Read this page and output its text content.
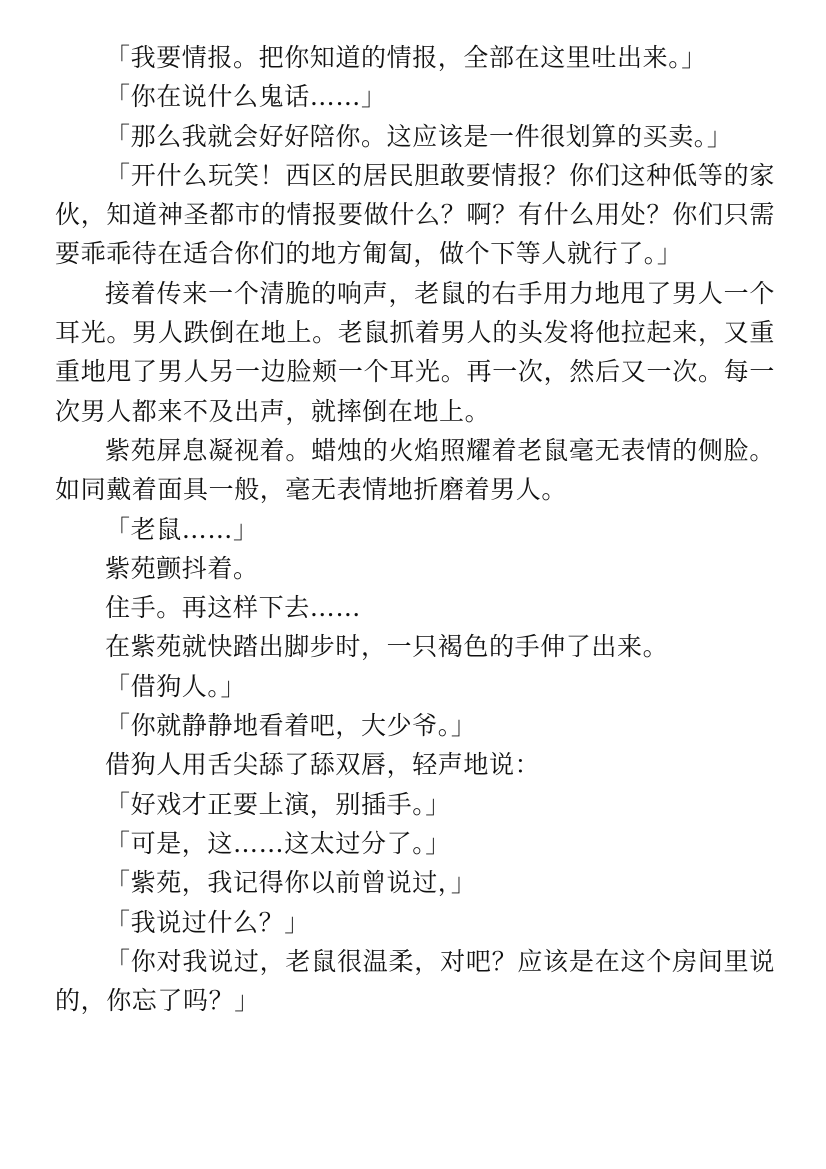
「我要情报。把你知道的情报，全部在这里吐出来。」

「你在说什么鬼话……」

「那么我就会好好陪你。这应该是一件很划算的买卖。」

「开什么玩笑！西区的居民胆敢要情报？你们这种低等的家伙，知道神圣都市的情报要做什么？啊？有什么用处？你们只需要乖乖待在适合你们的地方匍匐，做个下等人就行了。」

接着传来一个清脆的响声，老鼠的右手用力地甩了男人一个耳光。男人跌倒在地上。老鼠抓着男人的头发将他拉起来，又重重地甩了男人另一边脸颊一个耳光。再一次，然后又一次。每一次男人都来不及出声，就摔倒在地上。

紫苑屏息凝视着。蜡烛的火焰照耀着老鼠毫无表情的侧脸。如同戴着面具一般，毫无表情地折磨着男人。

「老鼠……」

紫苑颤抖着。

住手。再这样下去……

在紫苑就快踏出脚步时，一只褐色的手伸了出来。

「借狗人。」

「你就静静地看着吧，大少爷。」

借狗人用舌尖舔了舔双唇，轻声地说：

「好戏才正要上演，别插手。」

「可是，这……这太过分了。」

「紫苑，我记得你以前曾说过，」

「我说过什么？」

「你对我说过，老鼠很温柔，对吧？应该是在这个房间里说的，你忘了吗？」
